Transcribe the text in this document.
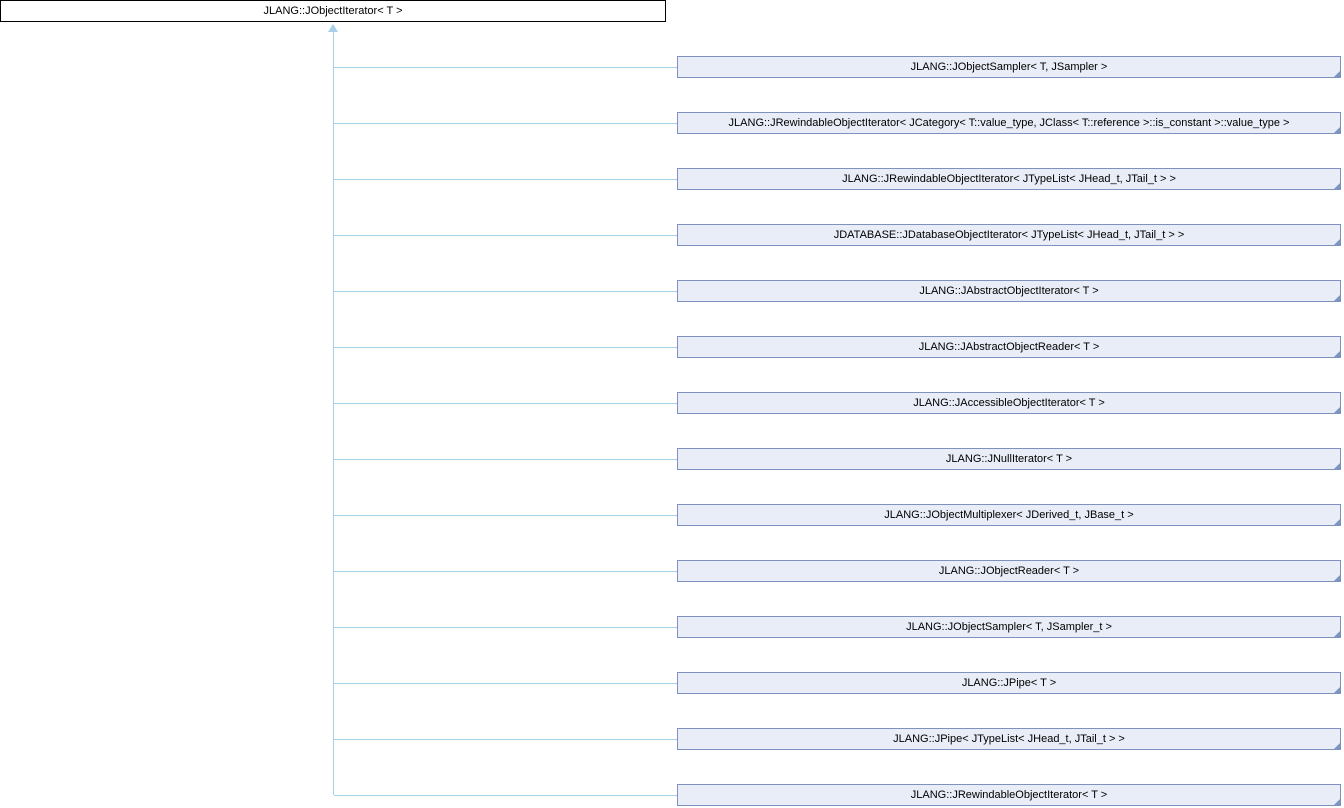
JLANG::JObjectIterator< T >
JLANG::JObjectSampler< T, JSampler >
JLANG::JRewindableObjectIterator< JCategory< T::value_type, JClass< T::reference >::is_constant >::value_type >
JLANG::JRewindableObjectIterator< JTypeList< JHead_t, JTail_t > >
JDATABASE::JDatabaseObjectIterator< JTypeList< JHead_t, JTail_t > >
JLANG::JAbstractObjectIterator< T >
JLANG::JAbstractObjectReader< T >
JLANG::JAccessibleObjectIterator< T >
JLANG::JNullIterator< T >
JLANG::JObjectMultiplexer< JDerived_t, JBase_t >
JLANG::JObjectReader< T >
JLANG::JObjectSampler< T, JSampler_t >
JLANG::JPipe< T >
JLANG::JPipe< JTypeList< JHead_t, JTail_t > >
JLANG::JRewindableObjectIterator< T >
